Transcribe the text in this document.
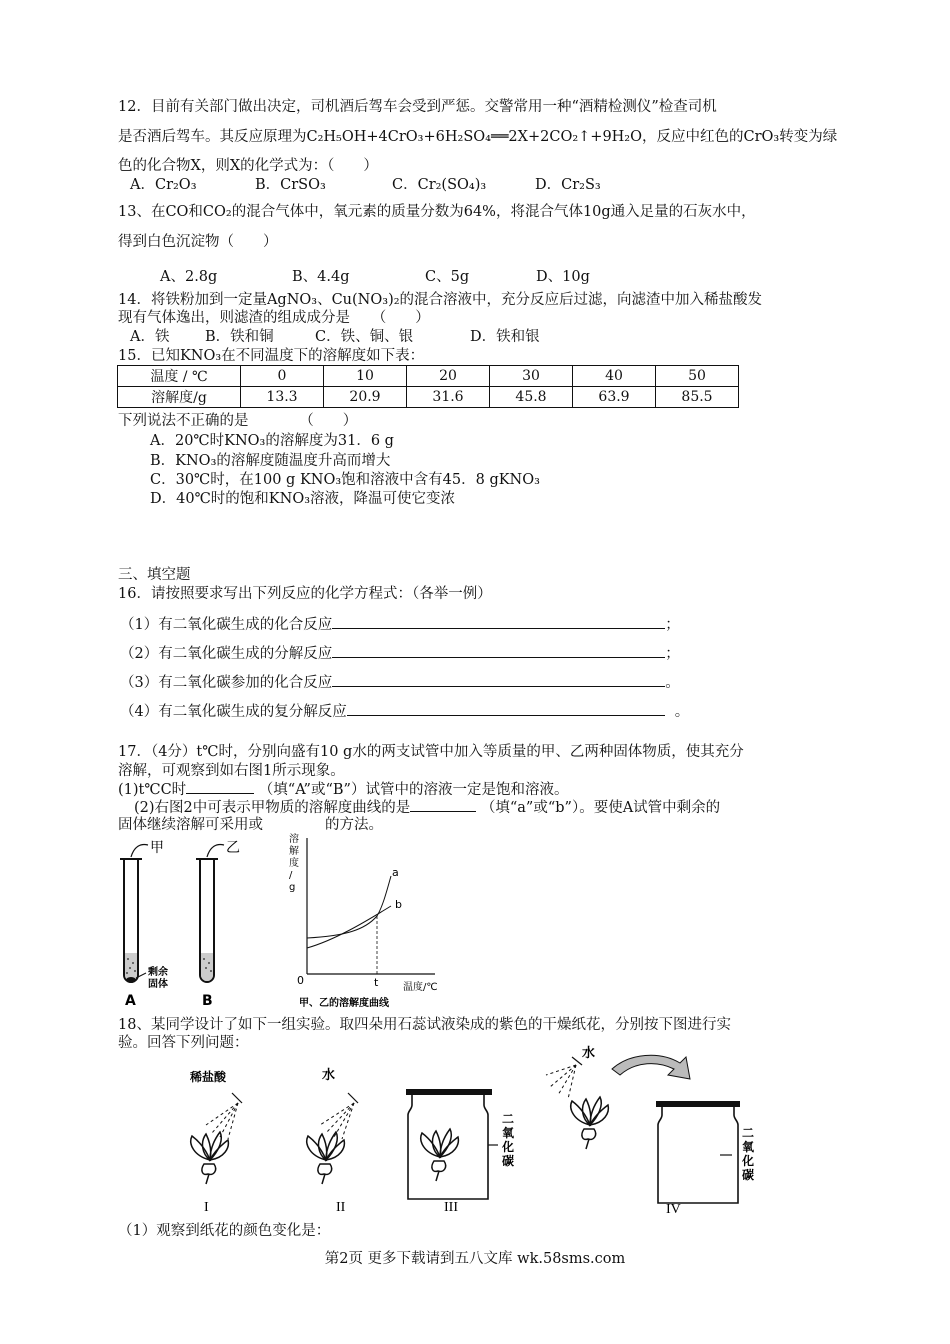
12．目前有关部门做出决定，司机酒后驾车会受到严惩。交警常用一种“酒精检测仪”检查司机
是否酒后驾车。其反应原理为C₂H₅OH+4CrO₃+6H₂SO₄══2X+2CO₂↑+9H₂O，反应中红色的CrO₃转变为绿
色的化合物X，则X的化学式为：（　　）
A．Cr₂O₃	B．CrSO₃	C．Cr₂(SO₄)₃	D．Cr₂S₃
13、在CO和CO₂的混合气体中，氧元素的质量分数为64%，将混合气体10g通入足量的石灰水中，
得到白色沉淀物（　　）
A、2.8g	B、4.4g	C、5g	D、10g
14．将铁粉加到一定量AgNO₃、Cu(NO₃)₂的混合溶液中，充分反应后过滤，向滤渣中加入稀盐酸发
现有气体逸出，则滤渣的组成成分是　　（　　）
A．铁 B．铁和铜	C．铁、铜、银	D．铁和银
15．已知KNO₃在不同温度下的溶解度如下表：
温度 / ℃	0	10	20	30	40	50
溶解度/g	13.3	20.9	31.6	45.8	63.9	85.5
下列说法不正确的是　　　　（　　）
A．20℃时KNO₃的溶解度为31．6 g
B．KNO₃的溶解度随温度升高而增大
C．30℃时，在100 g KNO₃饱和溶液中含有45．8 gKNO₃
D．40℃时的饱和KNO₃溶液，降温可使它变浓
三、填空题
16．请按照要求写出下列反应的化学方程式：（各举一例）
（1）有二氧化碳生成的化合反应	；
（2）有二氧化碳生成的分解反应	；
（3）有二氧化碳参加的化合反应	。
（4）有二氧化碳生成的复分解反应	。
17．（4分）t℃时，分别向盛有10 g水的两支试管中加入等质量的甲、乙两种固体物质，使其充分
溶解，可观察到如右图1所示现象。
(1)t℃C时	（填“A”或“B”）试管中的溶液一定是饱和溶液。
(2)右图2中可表示甲物质的溶解度曲线的是	（填“a”或“b”）。要使A试管中剩余的
固体继续溶解可采用或	的方法。
甲	乙
剩余固体
A	B
溶解度/ g
a
b
0	t 温度/℃
甲、乙的溶解度曲线
18、某同学设计了如下一组实验。取四朵用石蕊试液染成的紫色的干燥纸花，分别按下图进行实
验。回答下列问题：
稀盐酸
I
水
II
二氧化碳
III
水
二氧化碳
IV
（1）观察到纸花的颜色变化是：
第2页 更多下载请到五八文库 wk.58sms.com
